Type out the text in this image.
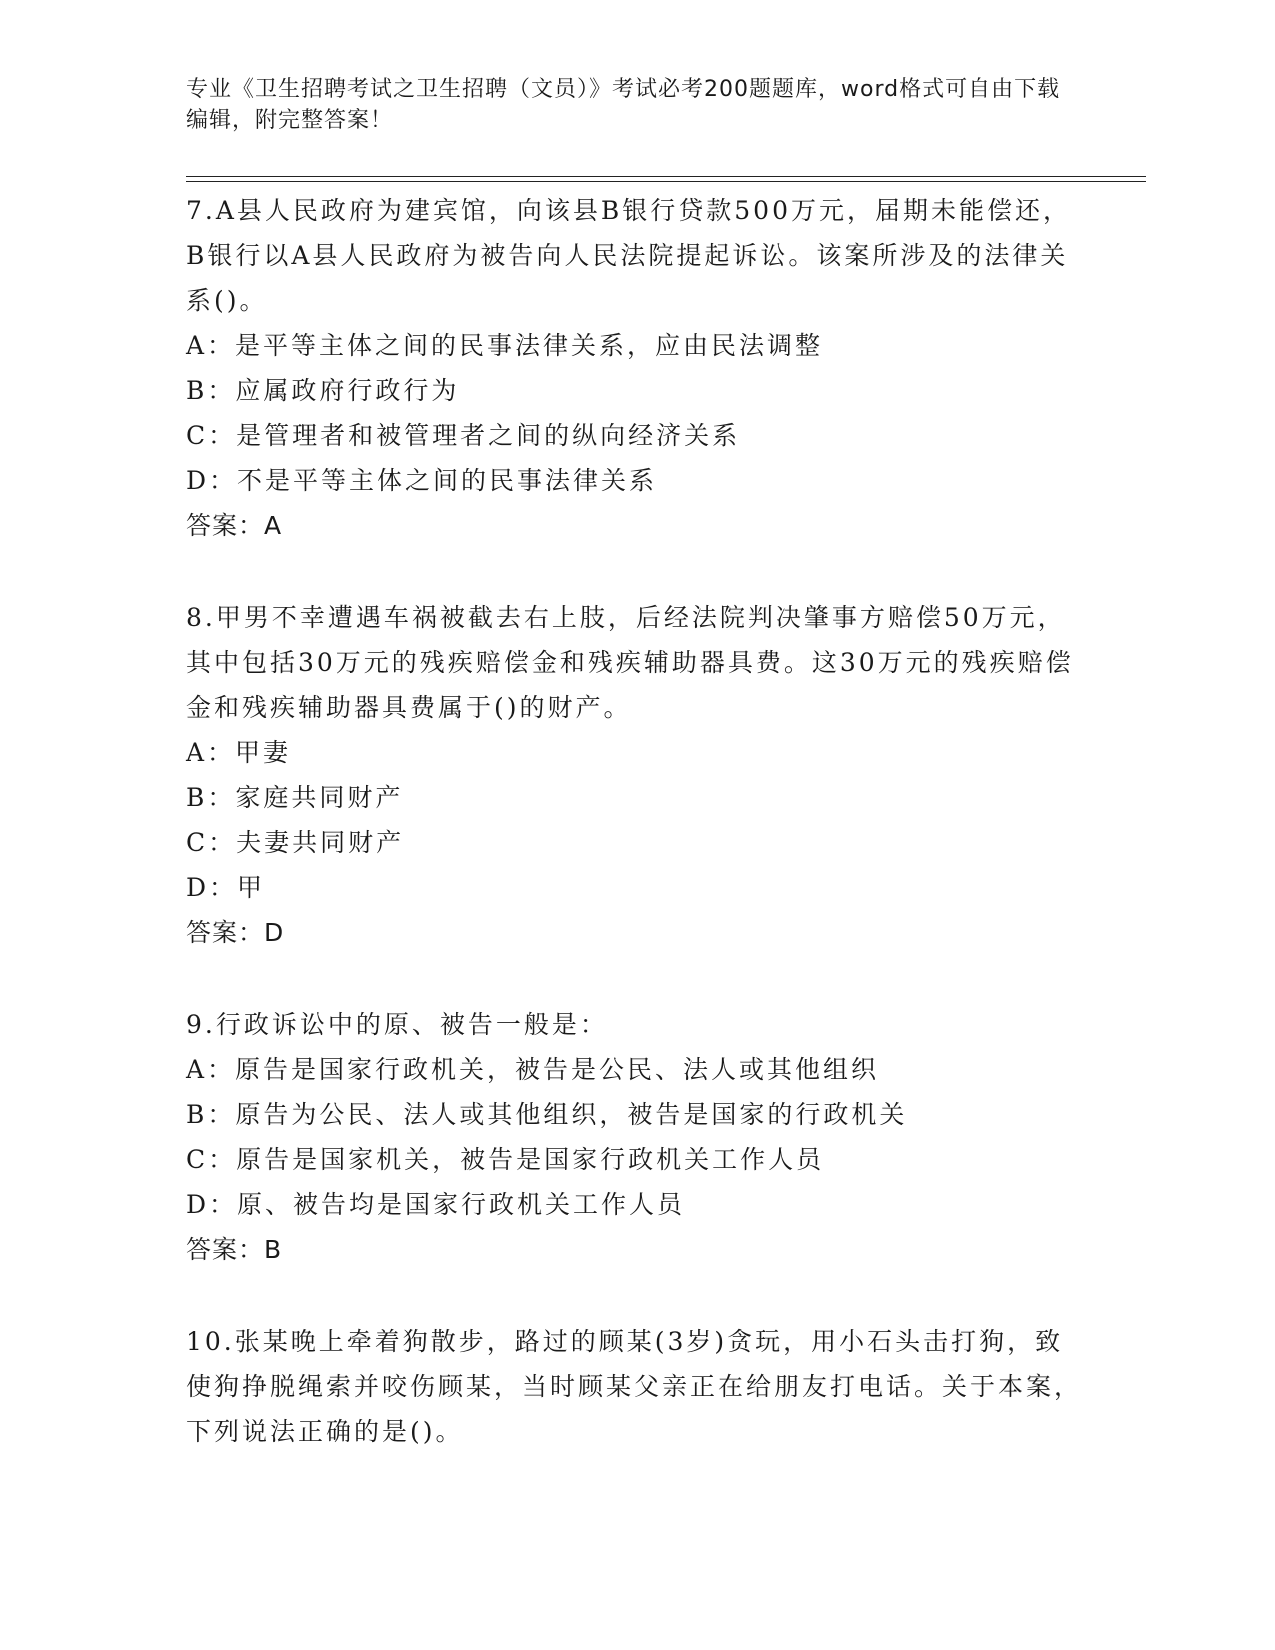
专业《卫生招聘考试之卫生招聘（文员）》考试必考200题题库，word格式可自由下载编辑，附完整答案！

7.A县人民政府为建宾馆，向该县B银行贷款500万元，届期未能偿还，B银行以A县人民政府为被告向人民法院提起诉讼。该案所涉及的法律关系()。

A：是平等主体之间的民事法律关系，应由民法调整

B：应属政府行政行为

C：是管理者和被管理者之间的纵向经济关系

D：不是平等主体之间的民事法律关系

答案：A

8.甲男不幸遭遇车祸被截去右上肢，后经法院判决肇事方赔偿50万元，其中包括30万元的残疾赔偿金和残疾辅助器具费。这30万元的残疾赔偿金和残疾辅助器具费属于()的财产。

A：甲妻

B：家庭共同财产

C：夫妻共同财产

D：甲

答案：D

9.行政诉讼中的原、被告一般是：

A：原告是国家行政机关，被告是公民、法人或其他组织

B：原告为公民、法人或其他组织，被告是国家的行政机关

C：原告是国家机关，被告是国家行政机关工作人员

D：原、被告均是国家行政机关工作人员

答案：B

10.张某晚上牵着狗散步，路过的顾某(3岁)贪玩，用小石头击打狗，致使狗挣脱绳索并咬伤顾某，当时顾某父亲正在给朋友打电话。关于本案，下列说法正确的是()。
